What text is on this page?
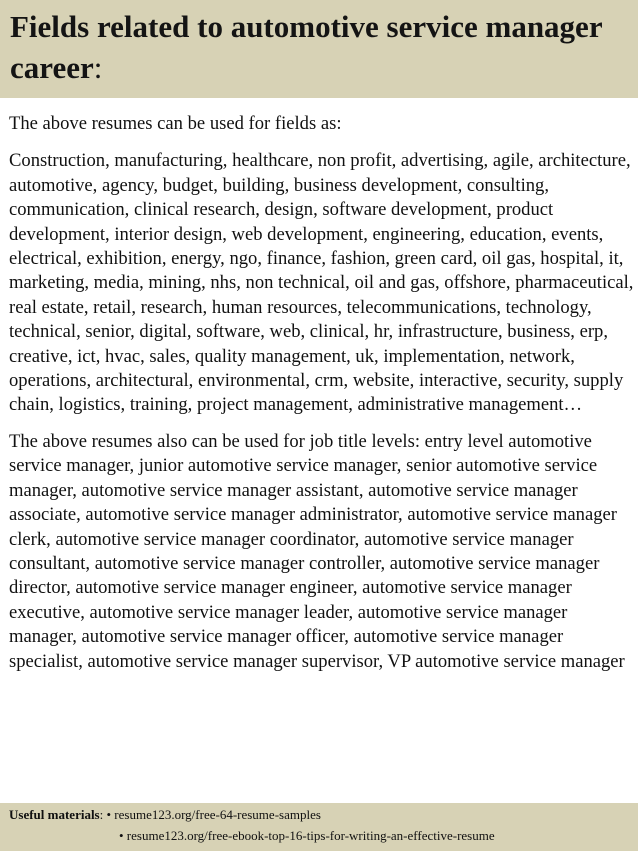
Fields related to automotive service manager career:

The above resumes can be used for fields as:

Construction, manufacturing, healthcare, non profit, advertising, agile, architecture, automotive, agency, budget, building, business development, consulting, communication, clinical research, design, software development, product development, interior design, web development, engineering, education, events, electrical, exhibition, energy, ngo, finance, fashion, green card, oil gas, hospital, it, marketing, media, mining, nhs, non technical, oil and gas, offshore, pharmaceutical, real estate, retail, research, human resources, telecommunications, technology, technical, senior, digital, software, web, clinical, hr, infrastructure, business, erp, creative, ict, hvac, sales, quality management, uk, implementation, network, operations, architectural, environmental, crm, website, interactive, security, supply chain, logistics, training, project management, administrative management…

The above resumes also can be used for job title levels: entry level automotive service manager, junior automotive service manager, senior automotive service manager, automotive service manager assistant, automotive service manager associate, automotive service manager administrator, automotive service manager clerk, automotive service manager coordinator, automotive service manager consultant, automotive service manager controller, automotive service manager director, automotive service manager engineer, automotive service manager executive, automotive service manager leader, automotive service manager manager, automotive service manager officer, automotive service manager specialist, automotive service manager supervisor, VP automotive service manager

Useful materials: • resume123.org/free-64-resume-samples
• resume123.org/free-ebook-top-16-tips-for-writing-an-effective-resume
